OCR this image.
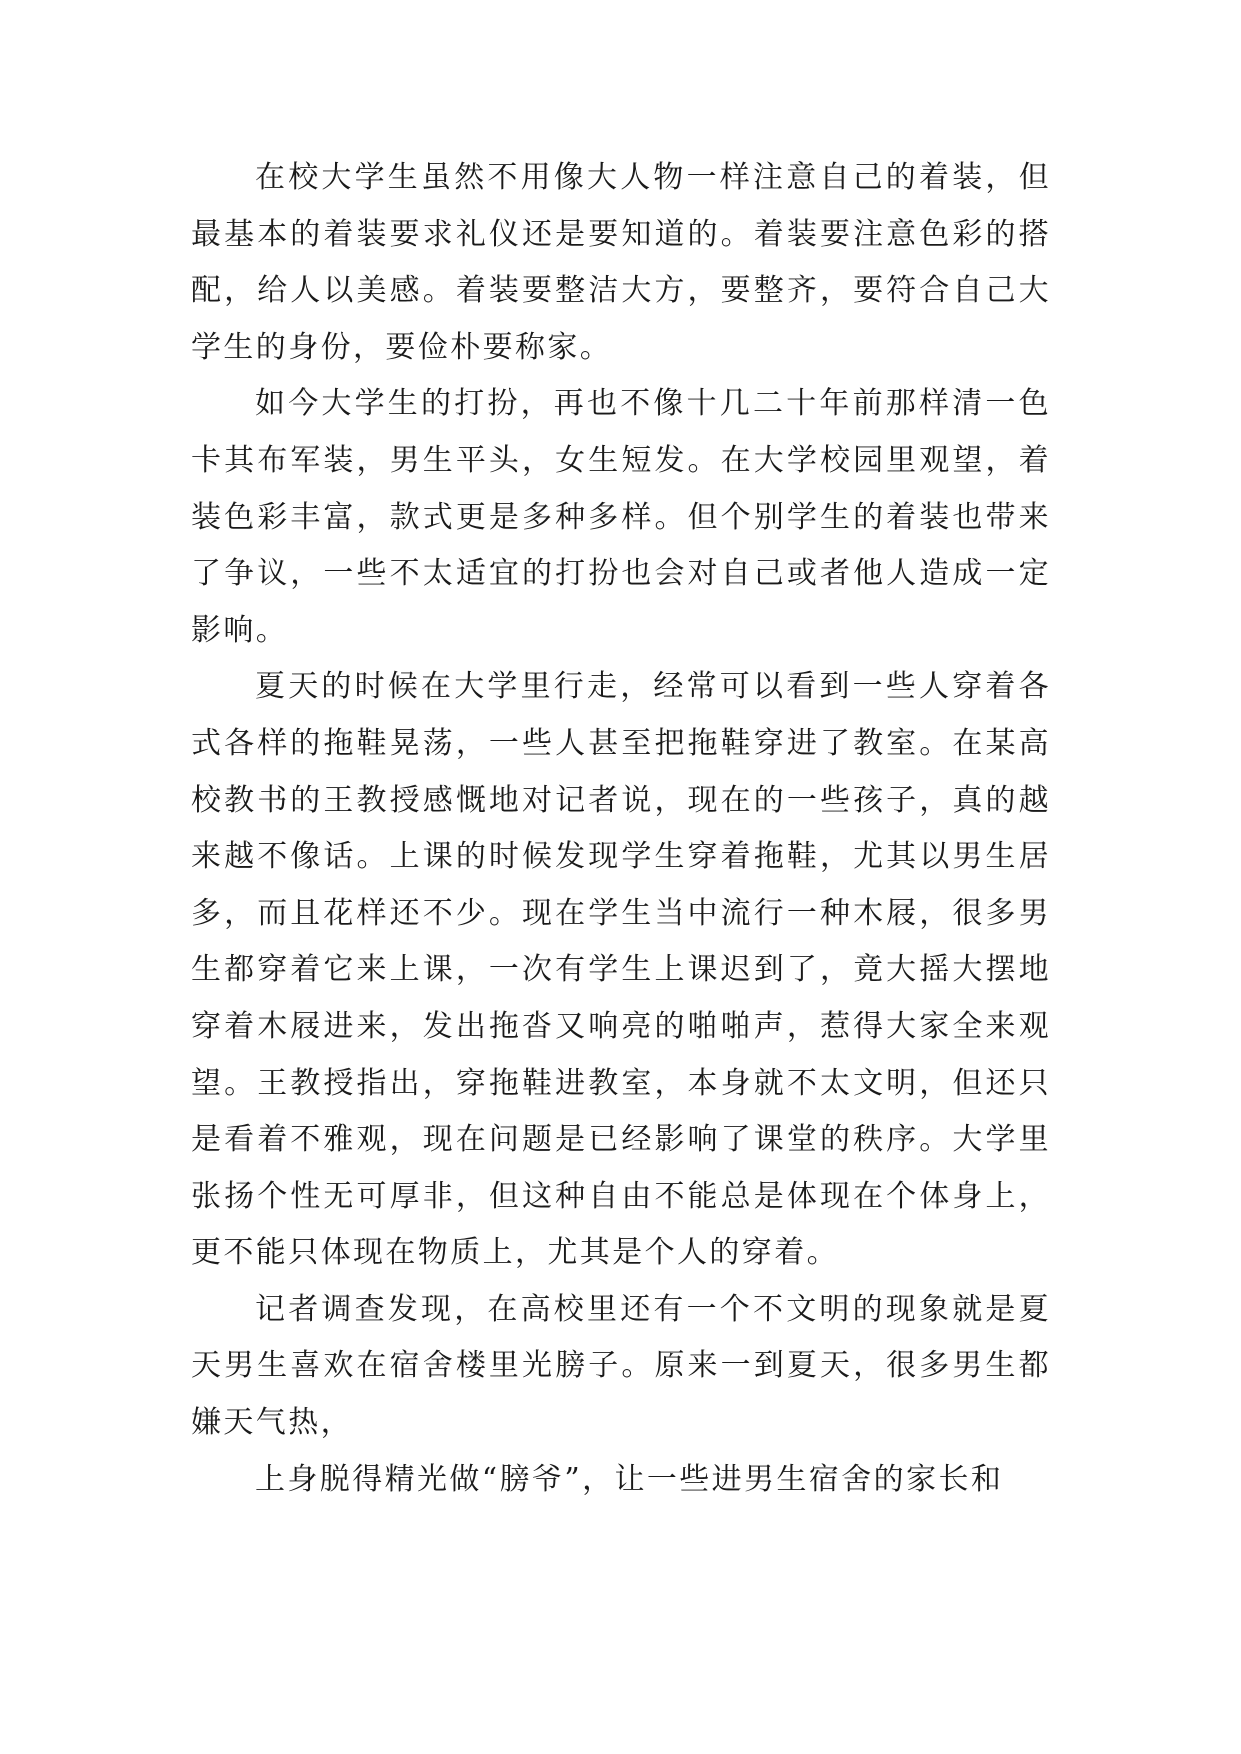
在校大学生虽然不用像大人物一样注意自己的着装，但最基本的着装要求礼仪还是要知道的。着装要注意色彩的搭配，给人以美感。着装要整洁大方，要整齐，要符合自己大学生的身份，要俭朴要称家。

如今大学生的打扮，再也不像十几二十年前那样清一色卡其布军装，男生平头，女生短发。在大学校园里观望，着装色彩丰富，款式更是多种多样。但个别学生的着装也带来了争议，一些不太适宜的打扮也会对自己或者他人造成一定影响。

夏天的时候在大学里行走，经常可以看到一些人穿着各式各样的拖鞋晃荡，一些人甚至把拖鞋穿进了教室。在某高校教书的王教授感慨地对记者说，现在的一些孩子，真的越来越不像话。上课的时候发现学生穿着拖鞋，尤其以男生居多，而且花样还不少。现在学生当中流行一种木屐，很多男生都穿着它来上课，一次有学生上课迟到了，竟大摇大摆地穿着木屐进来，发出拖沓又响亮的啪啪声，惹得大家全来观望。王教授指出，穿拖鞋进教室，本身就不太文明，但还只是看着不雅观，现在问题是已经影响了课堂的秩序。大学里张扬个性无可厚非，但这种自由不能总是体现在个体身上，更不能只体现在物质上，尤其是个人的穿着。

记者调查发现，在高校里还有一个不文明的现象就是夏天男生喜欢在宿舍楼里光膀子。原来一到夏天，很多男生都嫌天气热，

上身脱得精光做“膀爷”，让一些进男生宿舍的家长和
